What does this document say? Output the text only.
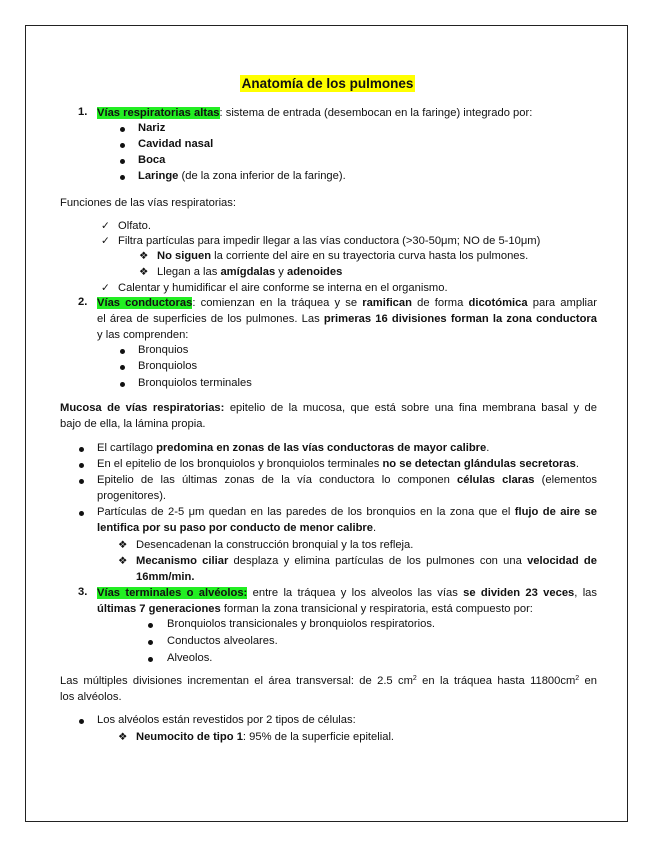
Anatomía de los pulmones
1. Vías respiratorias altas: sistema de entrada (desembocan en la faringe) integrado por:
Nariz
Cavidad nasal
Boca
Laringe (de la zona inferior de la faringe).
Funciones de las vías respiratorias:
✓ Olfato.
✓ Filtra partículas para impedir llegar a las vías conductora (>30-50μm; NO de 5-10μm)
❖ No siguen la corriente del aire en su trayectoria curva hasta los pulmones.
❖ Llegan a las amígdalas y adenoides
✓ Calentar y humidificar el aire conforme se interna en el organismo.
2. Vías conductoras: comienzan en la tráquea y se ramifican de forma dicotómica para ampliar
el área de superficies de los pulmones. Las primeras 16 divisiones forman la zona conductora
y las comprenden:
Bronquios
Bronquiolos
Bronquiolos terminales
Mucosa de vías respiratorias: epitelio de la mucosa, que está sobre una fina membrana basal y de
bajo de ella, la lámina propia.
El cartílago predomina en zonas de las vías conductoras de mayor calibre.
En el epitelio de los bronquiolos y bronquiolos terminales no se detectan glándulas secretoras.
Epitelio de las últimas zonas de la vía conductora lo componen células claras (elementos
progenitores).
Partículas de 2-5 μm quedan en las paredes de los bronquios en la zona que el flujo de aire se
lentifica por su paso por conducto de menor calibre.
❖ Desencadenan la construcción bronquial y la tos refleja.
❖ Mecanismo ciliar desplaza y elimina partículas de los pulmones con una velocidad de
16mm/min.
3. Vías terminales o alvéolos: entre la tráquea y los alveolos las vías se dividen 23 veces, las
últimas 7 generaciones forman la zona transicional y respiratoria, está compuesto por:
Bronquiolos transicionales y bronquiolos respiratorios.
Conductos alveolares.
Alveolos.
Las múltiples divisiones incrementan el área transversal: de 2.5 $cm^2$ en la tráquea hasta $11800cm^2$ en
los alvéolos.
Los alvéolos están revestidos por 2 tipos de células:
❖ Neumocito de tipo 1: 95% de la superficie epitelial.
